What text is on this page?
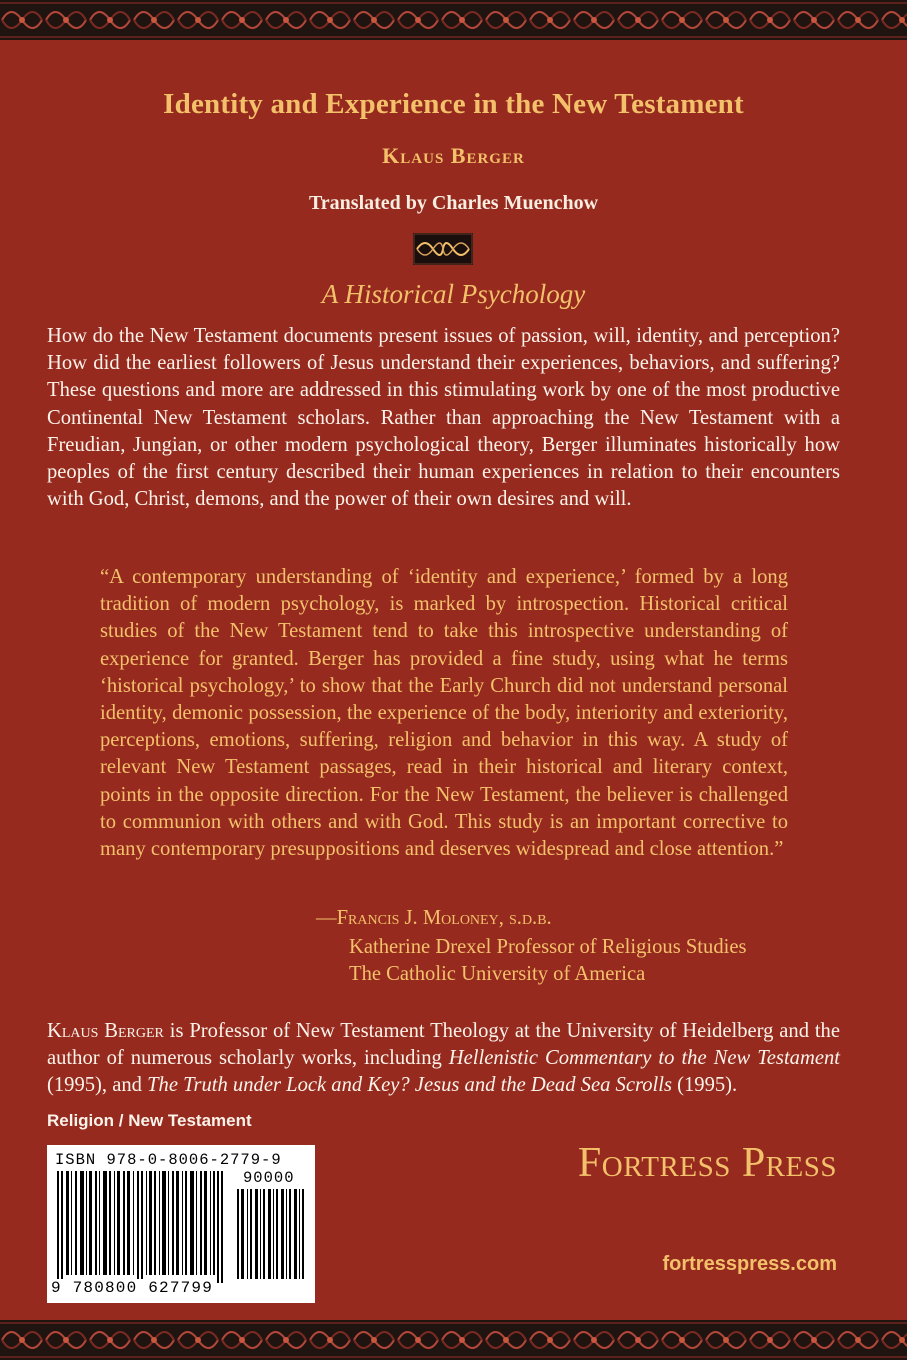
Identity and Experience in the New Testament
Klaus Berger
Translated by Charles Muenchow
A Historical Psychology
How do the New Testament documents present issues of passion, will, identity, and perception? How did the earliest followers of Jesus understand their experiences, behaviors, and suffering? These questions and more are addressed in this stimulating work by one of the most productive Continental New Testament scholars. Rather than approaching the New Testament with a Freudian, Jungian, or other modern psychological theory, Berger illuminates historically how peoples of the first century described their human experiences in relation to their encounters with God, Christ, demons, and the power of their own desires and will.
“A contemporary understanding of ‘identity and experience,’ formed by a long tradition of modern psychology, is marked by introspection. Historical critical studies of the New Testament tend to take this introspective understanding of experience for granted. Berger has provided a fine study, using what he terms ‘historical psychology,’ to show that the Early Church did not understand personal identity, demonic possession, the experience of the body, interiority and exteriority, perceptions, emotions, suffering, religion and behavior in this way. A study of relevant New Testament passages, read in their historical and literary context, points in the opposite direction. For the New Testament, the believer is challenged to communion with others and with God. This study is an important corrective to many contemporary presuppositions and deserves widespread and close attention.”
—Francis J. Moloney, s.d.b.
Katherine Drexel Professor of Religious Studies
The Catholic University of America
Klaus Berger is Professor of New Testament Theology at the University of Heidelberg and the author of numerous scholarly works, including Hellenistic Commentary to the New Testament (1995), and The Truth under Lock and Key? Jesus and the Dead Sea Scrolls (1995).
Religion / New Testament
ISBN 978-0-8006-2779-9
90000
9 780800 627799
Fortress Press
fortresspress.com
